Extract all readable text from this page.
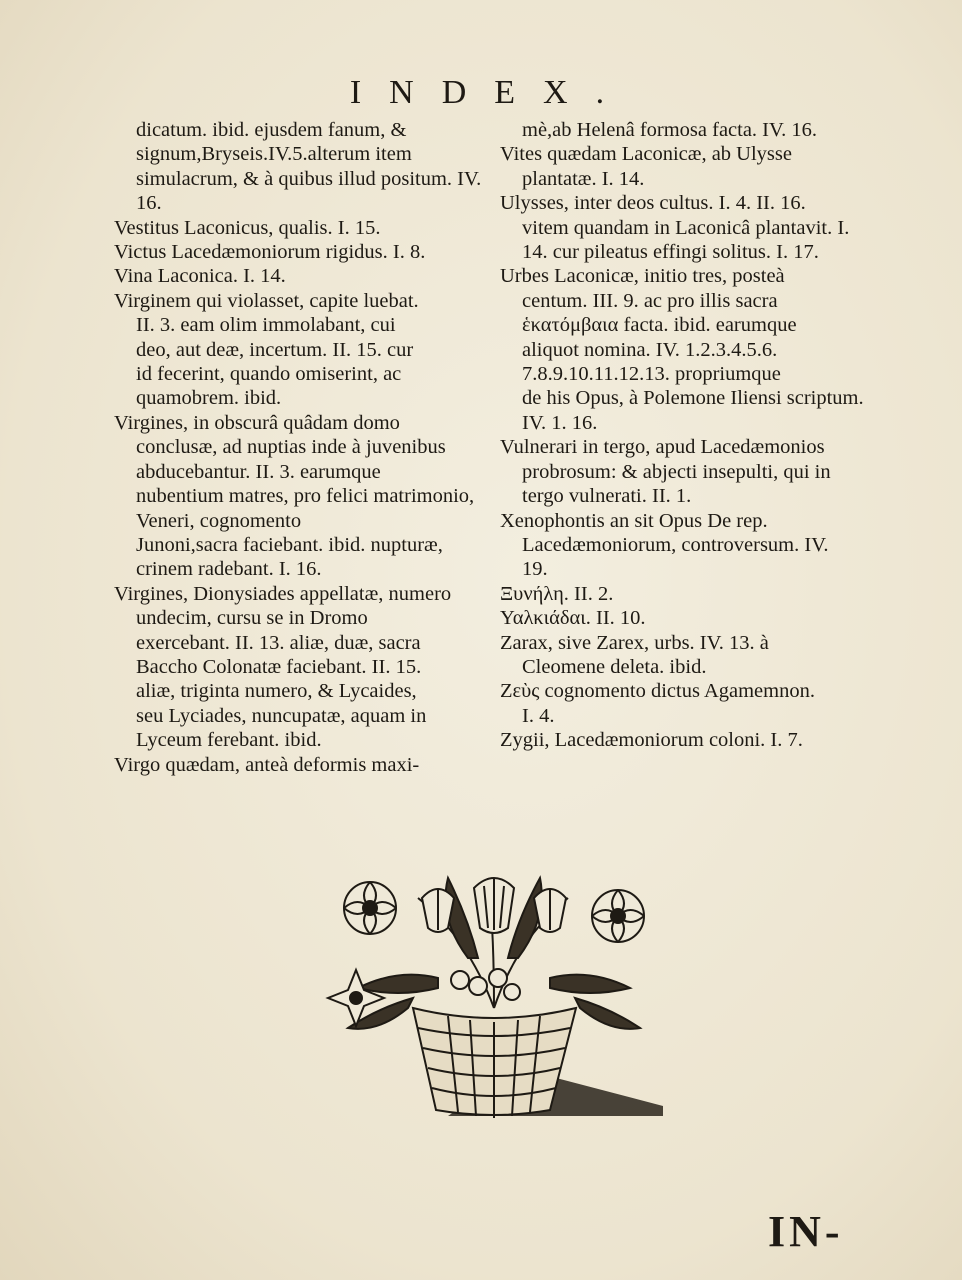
INDEX.

dicatum. ibid. ejusdem fanum, &
signum,Bryseis.IV.5.alterum item
simulacrum, & à quibus illud positum. IV. 16.

Vestitus Laconicus, qualis. I. 15.

Victus Lacedæmoniorum rigidus. I. 8.

Vina Laconica. I. 14.

Virginem qui violasset, capite luebat.
II. 3. eam olim immolabant, cui
deo, aut deæ, incertum. II. 15. cur
id fecerint, quando omiserint, ac
quamobrem. ibid.

Virgines, in obscurâ quâdam domo
conclusæ, ad nuptias inde à juvenibus abducebantur. II. 3. earumque
nubentium matres, pro felici matrimonio, Veneri, cognomento
Junoni,sacra faciebant. ibid. nupturæ, crinem radebant. I. 16.

Virgines, Dionysiades appellatæ, numero undecim, cursu se in Dromo
exercebant. II. 13. aliæ, duæ, sacra
Baccho Colonatæ faciebant. II. 15.
aliæ, triginta numero, & Lycaides,
seu Lyciades, nuncupatæ, aquam in
Lyceum ferebant. ibid.

Virgo quædam, anteà deformis maxi-

mè,ab Helenâ formosa facta. IV. 16.

Vites quædam Laconicæ, ab Ulysse
plantatæ. I. 14.

Ulysses, inter deos cultus. I. 4. II. 16.
vitem quandam in Laconicâ plantavit. I. 14. cur pileatus effingi solitus. I. 17.

Urbes Laconicæ, initio tres, posteà
centum. III. 9. ac pro illis sacra
ἑκατόμβαια facta. ibid. earumque
aliquot nomina. IV. 1.2.3.4.5.6.
7.8.9.10.11.12.13. propriumque
de his Opus, à Polemone Iliensi scriptum. IV. 1. 16.

Vulnerari in tergo, apud Lacedæmonios probrosum: & abjecti insepulti, qui in tergo vulnerati. II. 1.

Xenophontis an sit Opus De rep. Lacedæmoniorum, controversum. IV.
19.

Ξυνήλη. II. 2.

Υαλκιάδαι. II. 10.

Zarax, sive Zarex, urbs. IV. 13. à
Cleomene deleta. ibid.

Ζεὺς cognomento dictus Agamemnon.
I. 4.

Zygii, Lacedæmoniorum coloni. I. 7.

IN-
